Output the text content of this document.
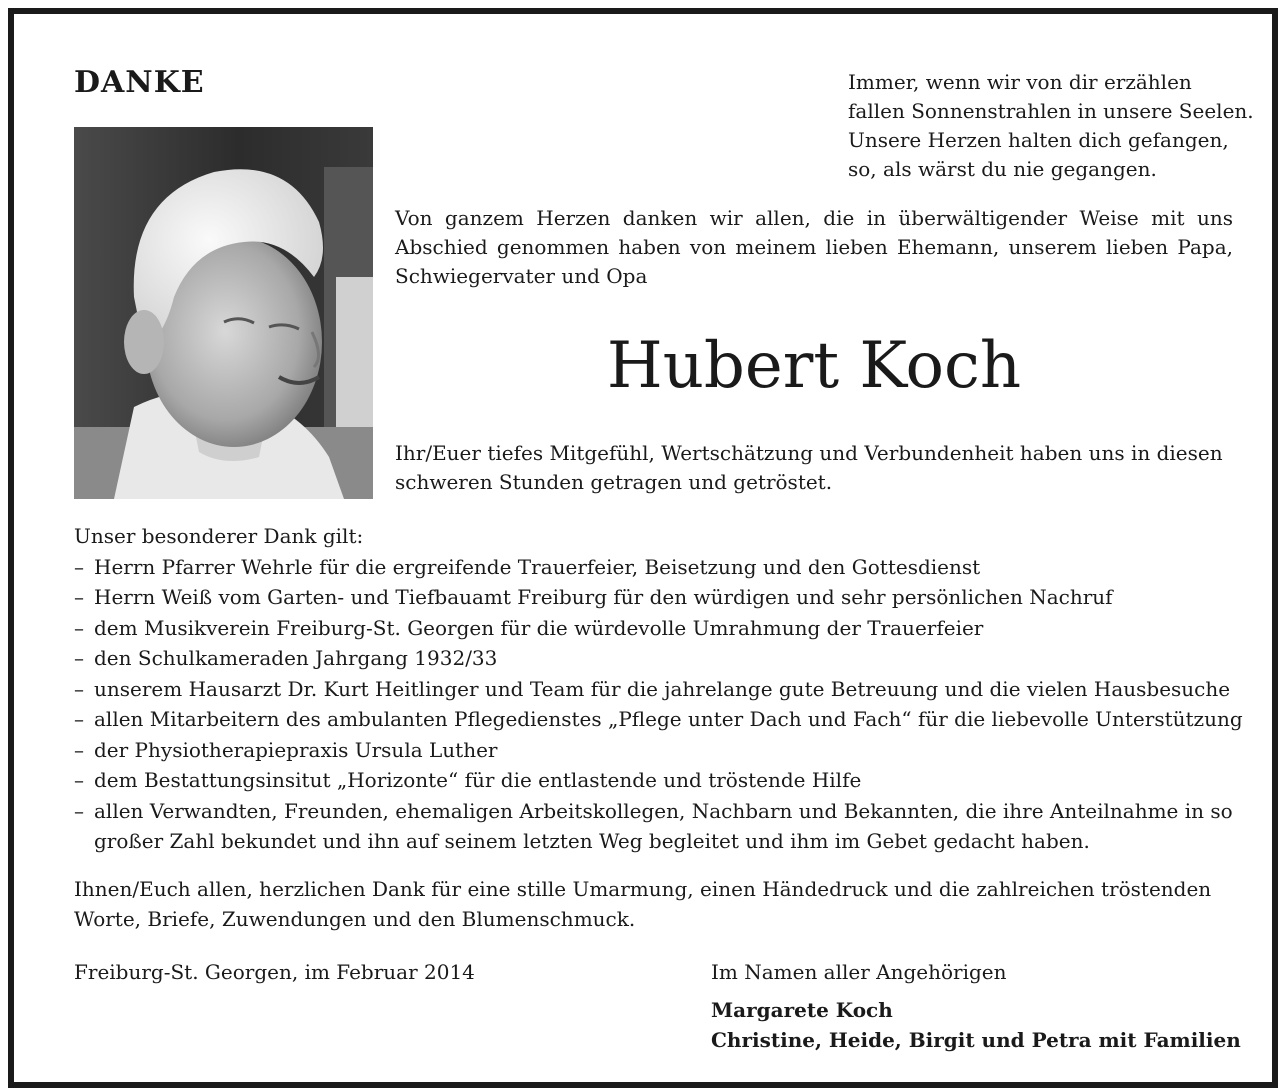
DANKE	Immer, wenn wir von dir erzählen
fallen Sonnenstrahlen in unsere Seelen.
Unsere Herzen halten dich gefangen,
so, als wärst du nie gegangen.
Von ganzem Herzen danken wir allen, die in überwältigender Weise mit uns Abschied genommen haben von meinem lieben Ehemann, unserem lieben Papa, Schwiegervater und Opa
Hubert Koch
Ihr/Euer tiefes Mitgefühl, Wertschätzung und Verbundenheit haben uns in diesen schweren Stunden getragen und getröstet.
Unser besonderer Dank gilt:
– Herrn Pfarrer Wehrle für die ergreifende Trauerfeier, Beisetzung und den Gottesdienst
– Herrn Weiß vom Garten- und Tiefbauamt Freiburg für den würdigen und sehr persönlichen Nachruf
– dem Musikverein Freiburg-St. Georgen für die würdevolle Umrahmung der Trauerfeier
– den Schulkameraden Jahrgang 1932/33
– unserem Hausarzt Dr. Kurt Heitlinger und Team für die jahrelange gute Betreuung und die vielen Hausbesuche
– allen Mitarbeitern des ambulanten Pflegedienstes „Pflege unter Dach und Fach“ für die liebevolle Unterstützung
– der Physiotherapiepraxis Ursula Luther
– dem Bestattungsinsitut „Horizonte“ für die entlastende und tröstende Hilfe
– allen Verwandten, Freunden, ehemaligen Arbeitskollegen, Nachbarn und Bekannten, die ihre Anteilnahme in so
großer Zahl bekundet und ihn auf seinem letzten Weg begleitet und ihm im Gebet gedacht haben.
Ihnen/Euch allen, herzlichen Dank für eine stille Umarmung, einen Händedruck und die zahlreichen tröstenden Worte, Briefe, Zuwendungen und den Blumenschmuck.
Freiburg-St. Georgen, im Februar 2014	Im Namen aller Angehörigen
Margarete Koch
Christine, Heide, Birgit und Petra mit Familien
